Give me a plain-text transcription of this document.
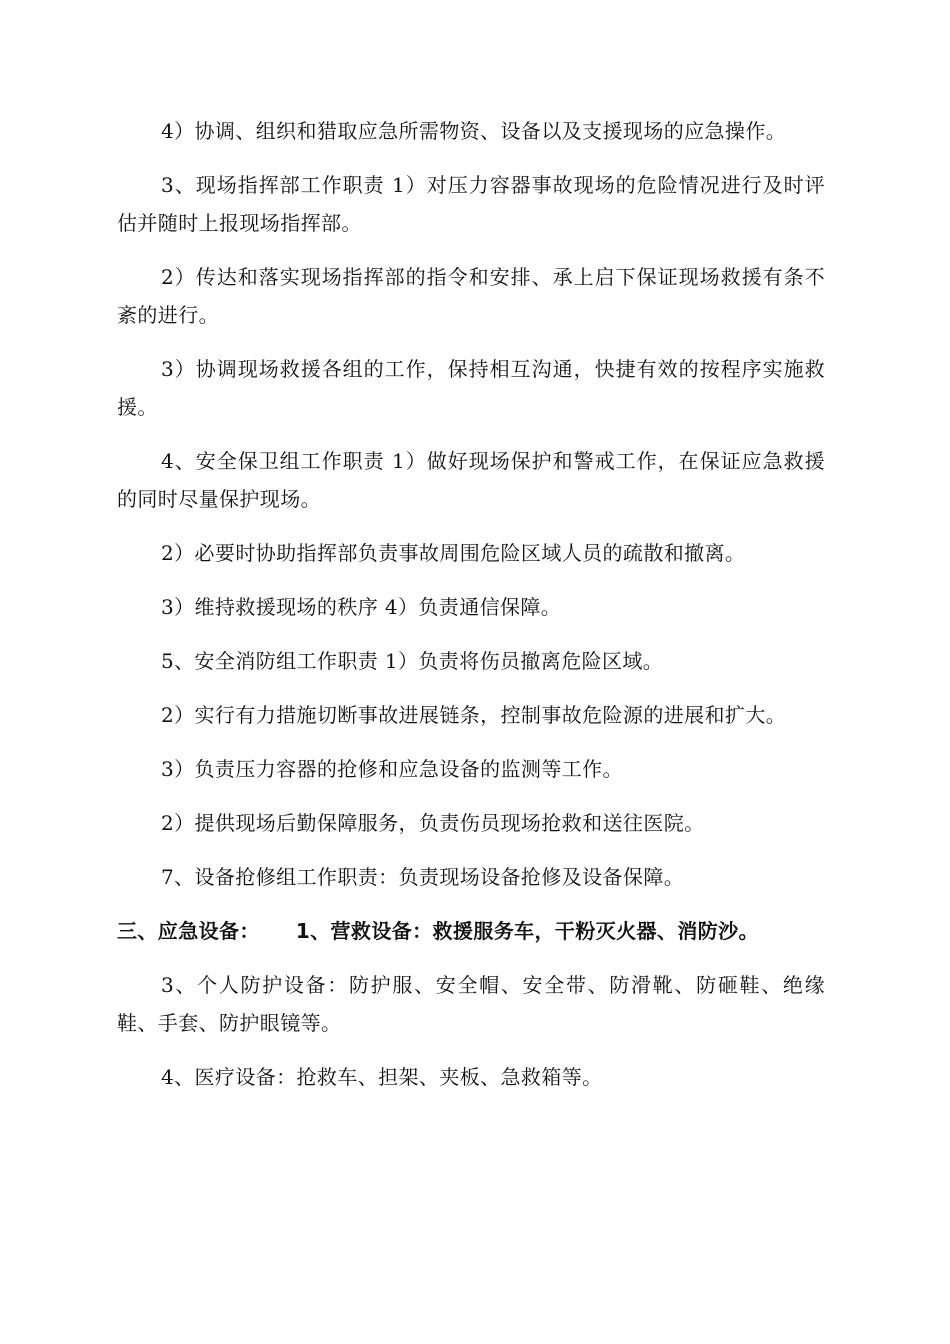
4）协调、组织和猎取应急所需物资、设备以及支援现场的应急操作。

3、现场指挥部工作职责 1）对压力容器事故现场的危险情况进行及时评估并随时上报现场指挥部。

2）传达和落实现场指挥部的指令和安排、承上启下保证现场救援有条不紊的进行。

3）协调现场救援各组的工作，保持相互沟通，快捷有效的按程序实施救援。

4、安全保卫组工作职责 1）做好现场保护和警戒工作，在保证应急救援的同时尽量保护现场。

2）必要时协助指挥部负责事故周围危险区域人员的疏散和撤离。

3）维持救援现场的秩序 4）负责通信保障。

5、安全消防组工作职责 1）负责将伤员撤离危险区域。

2）实行有力措施切断事故进展链条，控制事故危险源的进展和扩大。

3）负责压力容器的抢修和应急设备的监测等工作。

2）提供现场后勤保障服务，负责伤员现场抢救和送往医院。

7、设备抢修组工作职责：负责现场设备抢修及设备保障。

三、应急设备： 1、营救设备：救援服务车，干粉灭火器、消防沙。

3、个人防护设备：防护服、安全帽、安全带、防滑靴、防砸鞋、绝缘鞋、手套、防护眼镜等。

4、医疗设备：抢救车、担架、夹板、急救箱等。
